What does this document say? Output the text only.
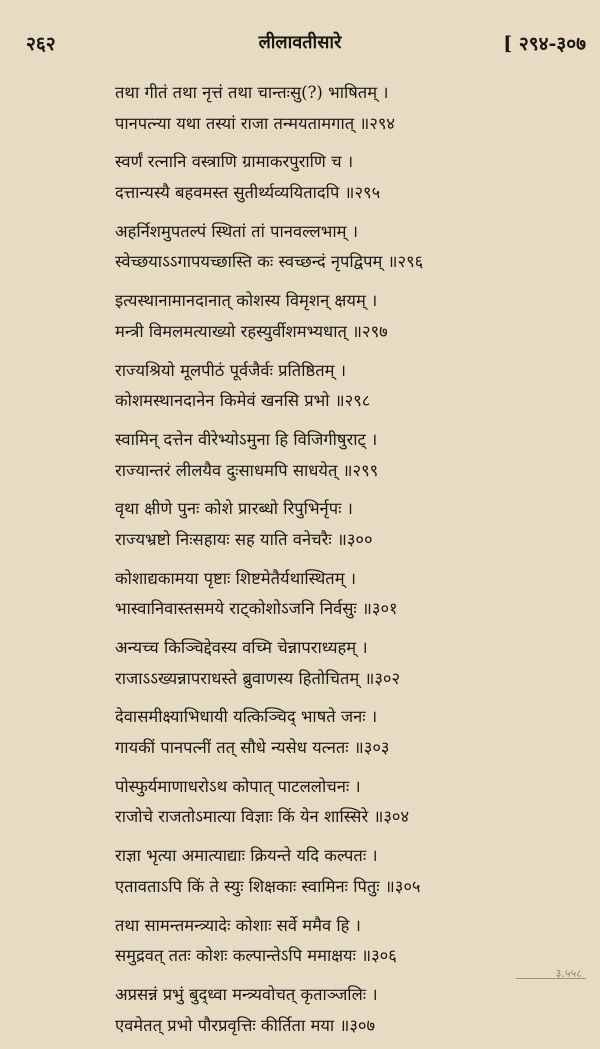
२६२	लीलावतीसारे	[ २९४-३०७
तथा गीतं तथा नृत्तं तथा चान्तःसु(?) भाषितम् ।
पानपत्न्या यथा तस्यां राजा तन्मयतामगात् ॥२९४
स्वर्णं रत्नानि वस्त्राणि ग्रामाकरपुराणि च ।
दत्तान्यस्यै बहवमस्त सुतीर्थ्यव्ययितादपि ॥२९५
अहर्निशमुपतल्पं स्थितां तां पानवल्लभाम् ।
स्वेच्छयाऽऽगापयच्छास्ति कः स्वच्छन्दं नृपद्विपम् ॥२९६
इत्यस्थानामानदानात् कोशस्य विमृशन् क्षयम् ।
मन्त्री विमलमत्याख्यो रहस्युर्वीशमभ्यधात् ॥२९७
राज्यश्रियो मूलपीठं पूर्वजैर्वः प्रतिष्ठितम् ।
कोशमस्थानदानेन किमेवं खनसि प्रभो ॥२९८
स्वामिन् दत्तेन वीरेभ्योऽमुना हि विजिगीषुराट् ।
राज्यान्तरं लीलयैव दुःसाधमपि साधयेत् ॥२९९
वृथा क्षीणे पुनः कोशे प्रारब्धो रिपुभिर्नृपः ।
राज्यभ्रष्टो निःसहायः सह याति वनेचरैः ॥३००
कोशाद्यकामया पृष्टाः शिष्टमेतैर्यथास्थितम् ।
भास्वानिवास्तसमये राट्कोशोऽजनि निर्वसुः ॥३०१
अन्यच्च किञ्चिद्देवस्य वच्मि चेन्नापराध्यहम् ।
राजाऽऽख्यन्नापराधस्ते ब्रुवाणस्य हितोचितम् ॥३०२
देवासमीक्ष्याभिधायी यत्किञ्चिद् भाषते जनः ।
गायकीं पानपत्नीं तत् सौधे न्यसेध यत्नतः ॥३०३
पोस्फुर्यमाणाधरोऽथ कोपात् पाटललोचनः ।
राजोचे राजतोऽमात्या विज्ञाः किं येन शास्सिरे ॥३०४
राज्ञा भृत्या अमात्याद्याः क्रियन्ते यदि कल्पतः ।
एतावताऽपि किं ते स्युः शिक्षकाः स्वामिनः पितुः ॥३०५
तथा सामन्तमन्त्र्यादेः कोशाः सर्वे ममैव हि ।
समुद्रवत् ततः कोशः कल्पान्तेऽपि ममाक्षयः ॥३०६
अप्रसन्नं प्रभुं बुद्ध्वा मन्त्र्यवोचत् कृताञ्जलिः ।
एवमेतत् प्रभो पौरप्रवृत्तिः कीर्तिता मया ॥३०७
३.५५८
